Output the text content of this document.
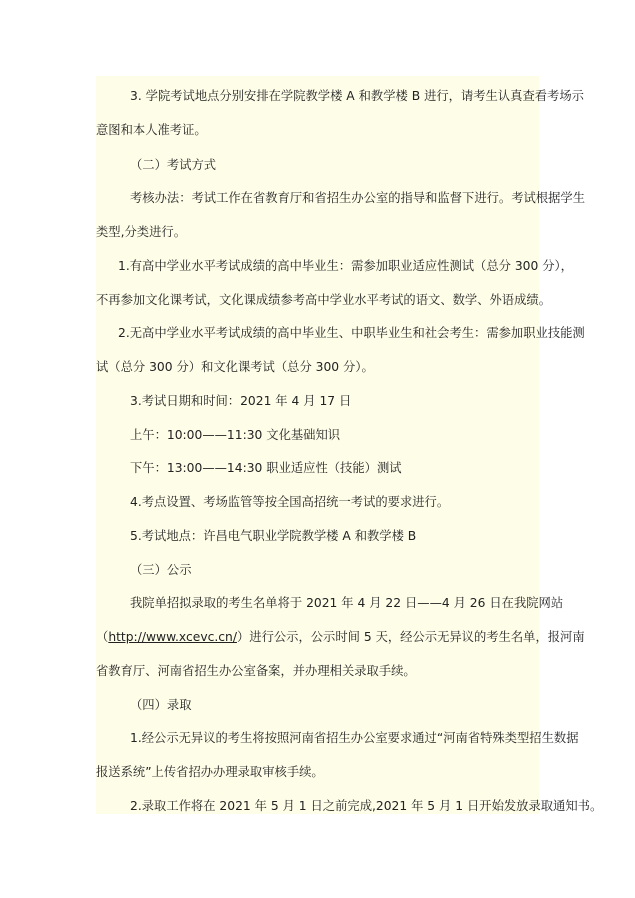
3. 学院考试地点分别安排在学院教学楼 A 和教学楼 B 进行，请考生认真查看考场示
意图和本人准考证。
（二）考试方式
考核办法：考试工作在省教育厅和省招生办公室的指导和监督下进行。考试根据学生
类型,分类进行。
1.有高中学业水平考试成绩的高中毕业生：需参加职业适应性测试（总分 300 分），
不再参加文化课考试，文化课成绩参考高中学业水平考试的语文、数学、外语成绩。
2.无高中学业水平考试成绩的高中毕业生、中职毕业生和社会考生：需参加职业技能测
试（总分 300 分）和文化课考试（总分 300 分）。
3.考试日期和时间：2021 年 4 月 17 日
上午：10:00——11:30 文化基础知识
下午：13:00——14:30 职业适应性（技能）测试
4.考点设置、考场监管等按全国高招统一考试的要求进行。
5.考试地点：许昌电气职业学院教学楼 A 和教学楼 B
（三）公示
我院单招拟录取的考生名单将于 2021 年 4 月 22 日——4 月 26 日在我院网站
（http://www.xcevc.cn/）进行公示，公示时间 5 天，经公示无异议的考生名单，报河南
省教育厅、河南省招生办公室备案，并办理相关录取手续。
（四）录取
1.经公示无异议的考生将按照河南省招生办公室要求通过“河南省特殊类型招生数据
报送系统”上传省招办办理录取审核手续。
2.录取工作将在 2021 年 5 月 1 日之前完成,2021 年 5 月 1 日开始发放录取通知书。
